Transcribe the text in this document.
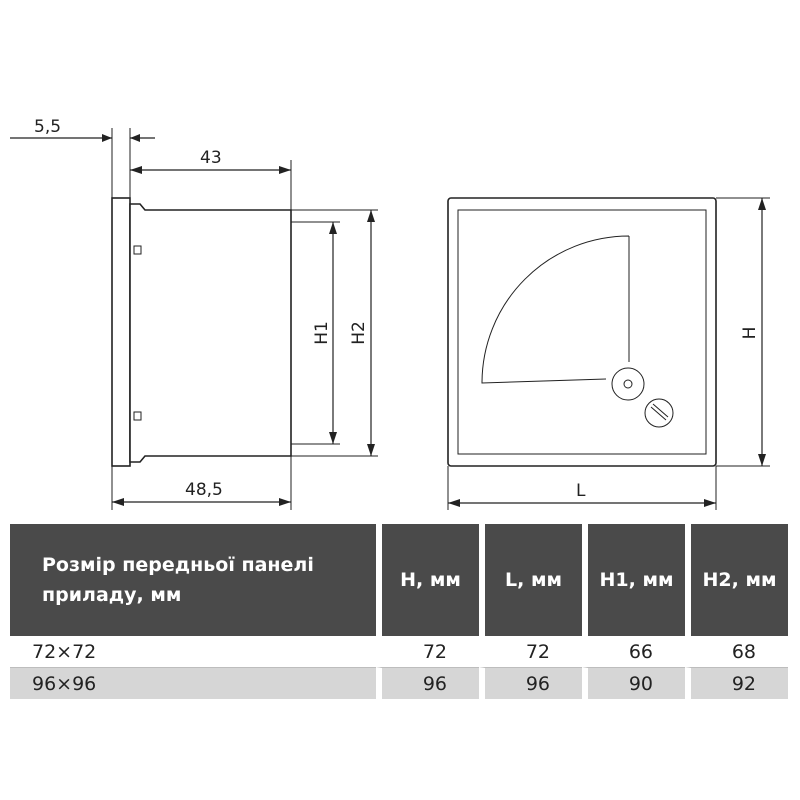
5,5
43
48,5
H1 H2	H
L
Розмір передньої панелі приладу, мм	H, мм	L, мм	H1, мм	H2, мм
72×72	72	72	66	68
96×96	96	96	90	92
